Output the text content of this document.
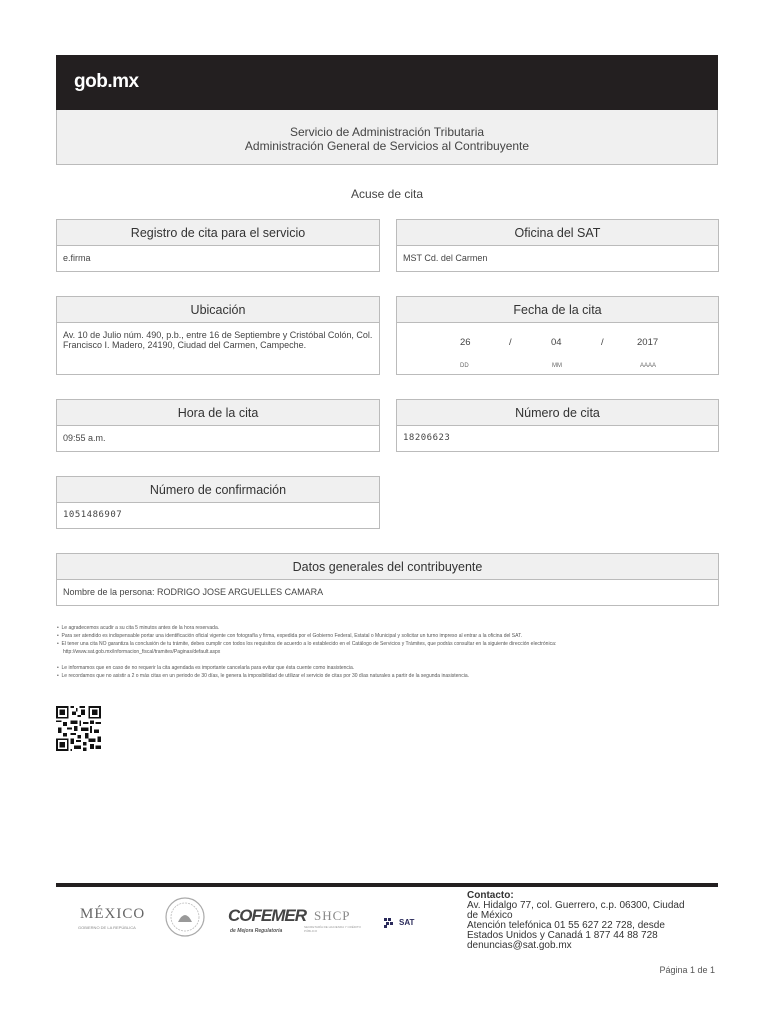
gob.mx
Servicio de Administración Tributaria
Administración General de Servicios al Contribuyente
Acuse de cita
Registro de cita para el servicio
e.firma
Oficina del SAT
MST Cd. del Carmen
Ubicación
Av. 10 de Julio núm. 490, p.b., entre 16 de Septiembre y Cristóbal Colón, Col. Francisco I. Madero, 24190, Ciudad del Carmen, Campeche.
Fecha de la cita
26	/	04	/	2017
DD	MM	AAAA
Hora de la cita
09:55 a.m.
Número de cita
18206623
Número de confirmación
1051486907
Datos generales del contribuyente
Nombre de la persona: RODRIGO JOSE ARGUELLES CAMARA

•  Le agradecemos acudir a su cita 5 minutos antes de la hora reservada.

•  Para ser atendido es indispensable portar una identificación oficial vigente con fotografía y firma, expedida por el Gobierno Federal, Estatal o Municipal y solicitar un turno impreso al entrar a la oficina del SAT.

•  El tener una cita NO garantiza la conclusión de tu trámite, debes cumplir con todos los requisitos de acuerdo a lo establecido en el Catálogo de Servicios y Trámites, que podrás consultar en la siguiente dirección electrónica:

http://www.sat.gob.mx/informacion_fiscal/tramites/Paginas/default.aspx

•  Le informamos que en caso de no requerir la cita agendada es importante cancelarla para evitar que ésta cuente como inasistencia.

•  Le recordamos que no asistir a 2 o más citas en un periodo de 30 días, le genera la imposibilidad de utilizar el servicio de citas por 30 días naturales a partir de la segunda inasistencia.

MÉXICO
GOBIERNO DE LA REPÚBLICA
COFEMER
de Mejora Regulatoria
SHCP
SECRETARÍA DE HACIENDA Y CRÉDITO PÚBLICO
SAT
Contacto:
Av. Hidalgo 77, col. Guerrero, c.p. 06300, Ciudad
de México
Atención telefónica 01 55 627 22 728, desde
Estados Unidos y Canadá 1 877 44 88 728
denuncias@sat.gob.mx
Página 1 de 1
